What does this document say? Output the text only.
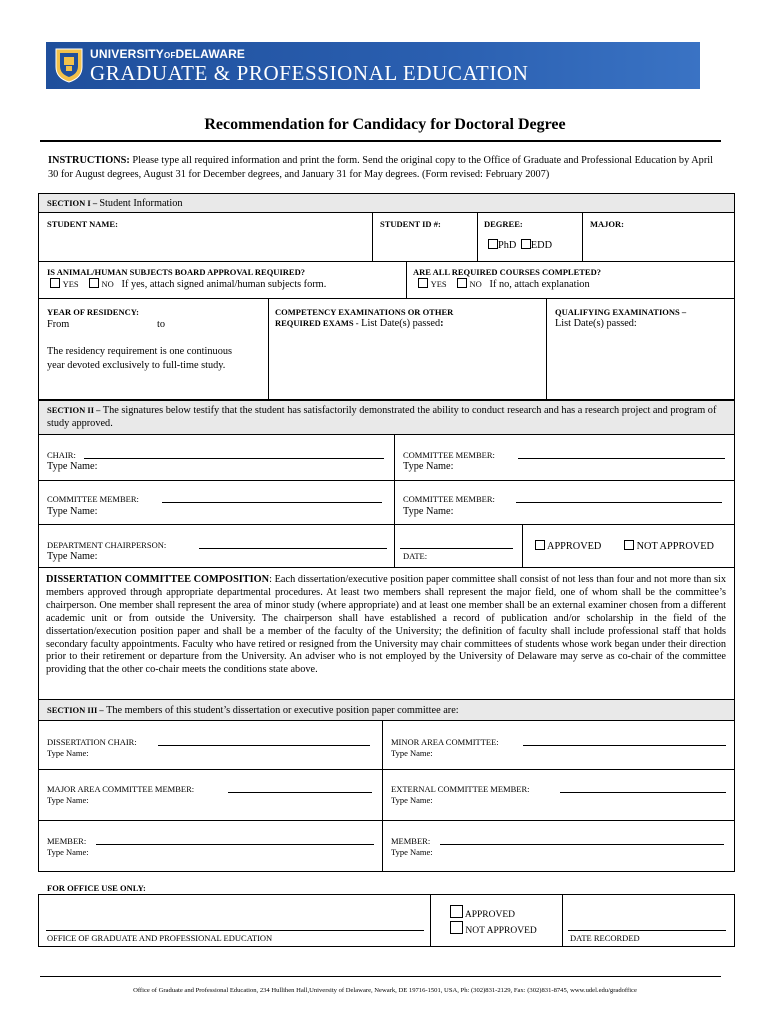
UNIVERSITYOFDELAWARE
GRADUATE & PROFESSIONAL EDUCATION
Recommendation for Candidacy for Doctoral Degree
INSTRUCTIONS: Please type all required information and print the form. Send the original copy to the Office of Graduate and Professional Education by April 30 for August degrees, August 31 for December degrees, and January 31 for May degrees. (Form revised: February 2007)
SECTION I – Student Information
STUDENT NAME:	STUDENT ID #:	DEGREE:	MAJOR:
PhD EDD
IS ANIMAL/HUMAN SUBJECTS BOARD APPROVAL REQUIRED?
YES	NO If yes, attach signed animal/human subjects form.
ARE ALL REQUIRED COURSES COMPLETED?
YES	NO If no, attach explanation
YEAR OF RESIDENCY:
From	to
The residency requirement is one continuous year devoted exclusively to full-time study.
COMPETENCY EXAMINATIONS OR OTHER
REQUIRED EXAMS - List Date(s) passed:
QUALIFYING EXAMINATIONS –
List Date(s) passed:
SECTION II – The signatures below testify that the student has satisfactorily demonstrated the ability to conduct research and has a research project and program of study approved.
CHAIR:
Type Name:
COMMITTEE MEMBER:
Type Name:
COMMITTEE MEMBER:
Type Name:
COMMITTEE MEMBER:
Type Name:
DEPARTMENT CHAIRPERSON:
Type Name:	DATE:
APPROVED	NOT APPROVED
DISSERTATION COMMITTEE COMPOSITION: Each dissertation/executive position paper committee shall consist of not less than four and not more than six members approved through appropriate departmental procedures. At least two members shall represent the major field, one of whom shall be the committee’s chairperson. One member shall represent the area of minor study (where appropriate) and at least one member shall be an external examiner chosen from a different academic unit or from outside the University. The chairperson shall have established a record of publication and/or scholarship in the field of the dissertation/execution position paper and shall be a member of the faculty of the University; the definition of faculty shall include professional staff that holds secondary faculty appointments. Faculty who have retired or resigned from the University may chair committees of students whose work began under their direction prior to their retirement or departure from the University. An adviser who is not employed by the University of Delaware may serve as co-chair of the committee providing that the other co-chair meets the conditions state above.
SECTION III – The members of this student’s dissertation or executive position paper committee are:
DISSERTATION CHAIR:
Type Name:
MINOR AREA COMMITTEE:
Type Name:
MAJOR AREA COMMITTEE MEMBER:
Type Name:
EXTERNAL COMMITTEE MEMBER:
Type Name:
MEMBER:
Type Name:
MEMBER:
Type Name:
FOR OFFICE USE ONLY:
OFFICE OF GRADUATE AND PROFESSIONAL EDUCATION
APPROVED
NOT APPROVED
DATE RECORDED
Office of Graduate and Professional Education, 234 Hullihen Hall,University of Delaware, Newark, DE 19716-1501, USA, Ph: (302)831-2129, Fax: (302)831-8745, www.udel.edu/gradoffice
